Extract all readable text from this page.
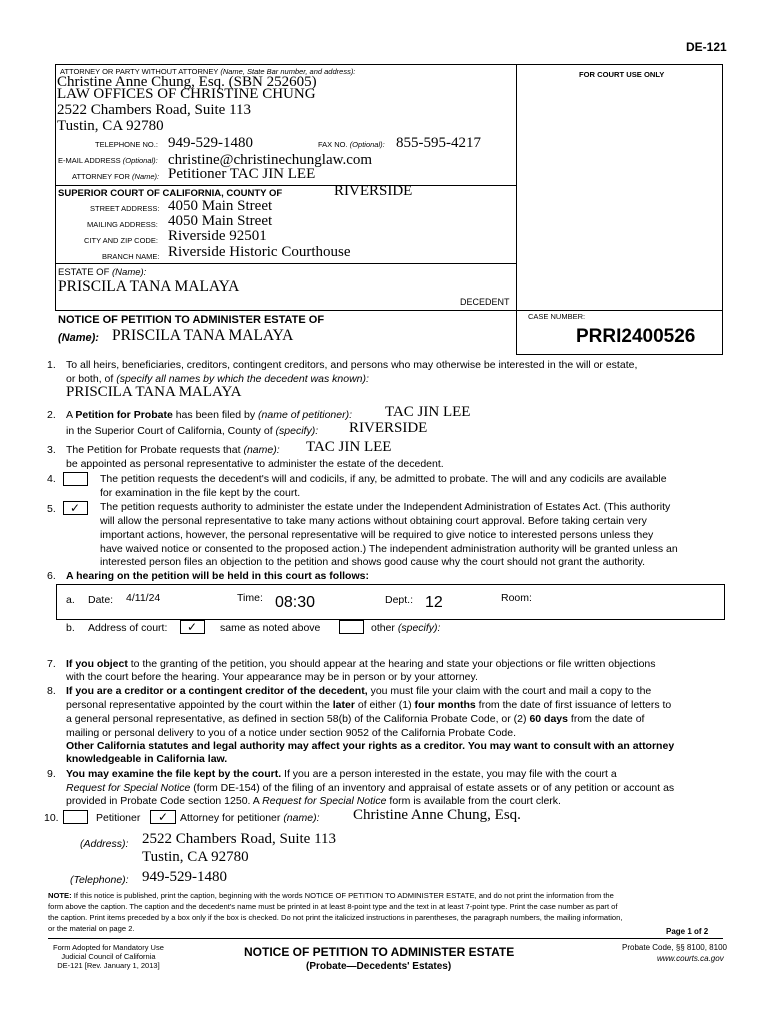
DE-121
FOR COURT USE ONLY
ATTORNEY OR PARTY WITHOUT ATTORNEY (Name, State Bar number, and address):
Christine Anne Chung, Esq. (SBN 252605)
LAW OFFICES OF CHRISTINE CHUNG
2522 Chambers Road, Suite 113
Tustin, CA 92780
TELEPHONE NO.: 949-529-1480	FAX NO. (Optional): 855-595-4217
E-MAIL ADDRESS (Optional): christine@christinechunglaw.com
ATTORNEY FOR (Name): Petitioner TAC JIN LEE
SUPERIOR COURT OF CALIFORNIA, COUNTY OF	RIVERSIDE
STREET ADDRESS: 4050 Main Street
MAILING ADDRESS: 4050 Main Street
CITY AND ZIP CODE: Riverside 92501
BRANCH NAME: Riverside Historic Courthouse
ESTATE OF (Name):
PRISCILA TANA MALAYA
DECEDENT
NOTICE OF PETITION TO ADMINISTER ESTATE OF
(Name): PRISCILA TANA MALAYA
CASE NUMBER:
PRRI2400526
1. To all heirs, beneficiaries, creditors, contingent creditors, and persons who may otherwise be interested in the will or estate,
or both, of (specify all names by which the decedent was known):
PRISCILA TANA MALAYA
2. A Petition for Probate has been filed by (name of petitioner): TAC JIN LEE
in the Superior Court of California, County of (specify): RIVERSIDE
3. The Petition for Probate requests that (name): TAC JIN LEE
be appointed as personal representative to administer the estate of the decedent.
4.	The petition requests the decedent's will and codicils, if any, be admitted to probate. The will and any codicils are available
for examination in the file kept by the court.
5. ✓ The petition requests authority to administer the estate under the Independent Administration of Estates Act. (This authority
will allow the personal representative to take many actions without obtaining court approval. Before taking certain very
important actions, however, the personal representative will be required to give notice to interested persons unless they
have waived notice or consented to the proposed action.) The independent administration authority will be granted unless an
interested person files an objection to the petition and shows good cause why the court should not grant the authority.
6. A hearing on the petition will be held in this court as follows:
a. Date: 4/11/24	Time: 08:30	Dept.: 12	Room:
b. Address of court: ✓ same as noted above	other (specify):
7. If you object to the granting of the petition, you should appear at the hearing and state your objections or file written objections
with the court before the hearing. Your appearance may be in person or by your attorney.
8. If you are a creditor or a contingent creditor of the decedent, you must file your claim with the court and mail a copy to the
personal representative appointed by the court within the later of either (1) four months from the date of first issuance of letters to
a general personal representative, as defined in section 58(b) of the California Probate Code, or (2) 60 days from the date of
mailing or personal delivery to you of a notice under section 9052 of the California Probate Code.
Other California statutes and legal authority may affect your rights as a creditor. You may want to consult with an attorney
knowledgeable in California law.
9. You may examine the file kept by the court. If you are a person interested in the estate, you may file with the court a
Request for Special Notice (form DE-154) of the filing of an inventory and appraisal of estate assets or of any petition or account as
provided in Probate Code section 1250. A Request for Special Notice form is available from the court clerk.
10.	Petitioner ✓ Attorney for petitioner (name): Christine Anne Chung, Esq.
(Address): 2522 Chambers Road, Suite 113
Tustin, CA 92780
(Telephone): 949-529-1480
NOTE: If this notice is published, print the caption, beginning with the words NOTICE OF PETITION TO ADMINISTER ESTATE, and do not print the information from the
form above the caption. The caption and the decedent's name must be printed in at least 8-point type and the text in at least 7-point type. Print the case number as part of
the caption. Print items preceded by a box only if the box is checked. Do not print the italicized instructions in parentheses, the paragraph numbers, the mailing information,
or the material on page 2.	Page 1 of 2
Form Adopted for Mandatory Use
Judicial Council of California
DE-121 [Rev. January 1, 2013]
NOTICE OF PETITION TO ADMINISTER ESTATE
(Probate—Decedents' Estates)
Probate Code, §§ 8100, 8100
www.courts.ca.gov
